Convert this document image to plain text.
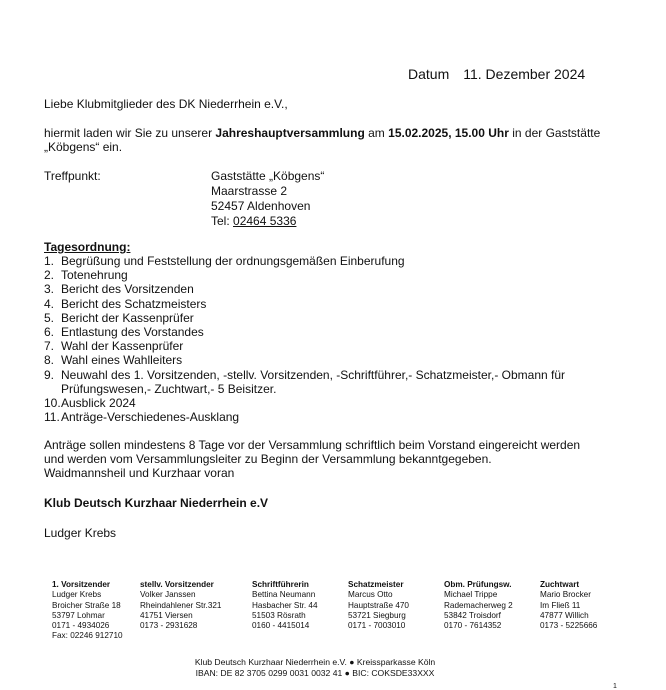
Datum 11. Dezember 2024
Liebe Klubmitglieder des DK Niederrhein e.V.,
hiermit laden wir Sie zu unserer Jahreshauptversammlung am 15.02.2025, 15.00 Uhr in der Gaststätte
„Köbgens“ ein.
Treffpunkt:	Gaststätte „Köbgens“
Maarstrasse 2
52457 Aldenhoven
Tel: 02464 5336
Tagesordnung:
1. Begrüßung und Feststellung der ordnungsgemäßen Einberufung
2. Totenehrung
3. Bericht des Vorsitzenden
4. Bericht des Schatzmeisters
5. Bericht der Kassenprüfer
6. Entlastung des Vorstandes
7. Wahl der Kassenprüfer
8. Wahl eines Wahlleiters
9. Neuwahl des 1. Vorsitzenden, -stellv. Vorsitzenden, -Schriftführer,- Schatzmeister,- Obmann für Prüfungswesen,- Zuchtwart,- 5 Beisitzer.
10. Ausblick 2024
11. Anträge-Verschiedenes-Ausklang
Anträge sollen mindestens 8 Tage vor der Versammlung schriftlich beim Vorstand eingereicht werden
und werden vom Versammlungsleiter zu Beginn der Versammlung bekanntgegeben.
Waidmannsheil und Kurzhaar voran
Klub Deutsch Kurzhaar Niederrhein e.V
Ludger Krebs
1. Vorsitzender
Ludger Krebs
Broicher Straße 18
53797 Lohmar
0171 - 4934026
Fax: 02246 912710
stellv. Vorsitzender
Volker Janssen
Rheindahlener Str.321
41751 Viersen
0173 - 2931628
Schriftführerin
Bettina Neumann
Hasbacher Str. 44
51503 Rösrath
0160 - 4415014
Schatzmeister
Marcus Otto
Hauptstraße 470
53721 Siegburg
0171 - 7003010
Obm. Prüfungsw.
Michael Trippe
Rademacherweg 2
53842 Troisdorf
0170 - 7614352
Zuchtwart
Mario Brocker
Im Fließ 11
47877 Willich
0173 - 5225666
Klub Deutsch Kurzhaar Niederrhein e.V. ● Kreissparkasse Köln
IBAN: DE 82 3705 0299 0031 0032 41 ● BIC: COKSDE33XXX
1
